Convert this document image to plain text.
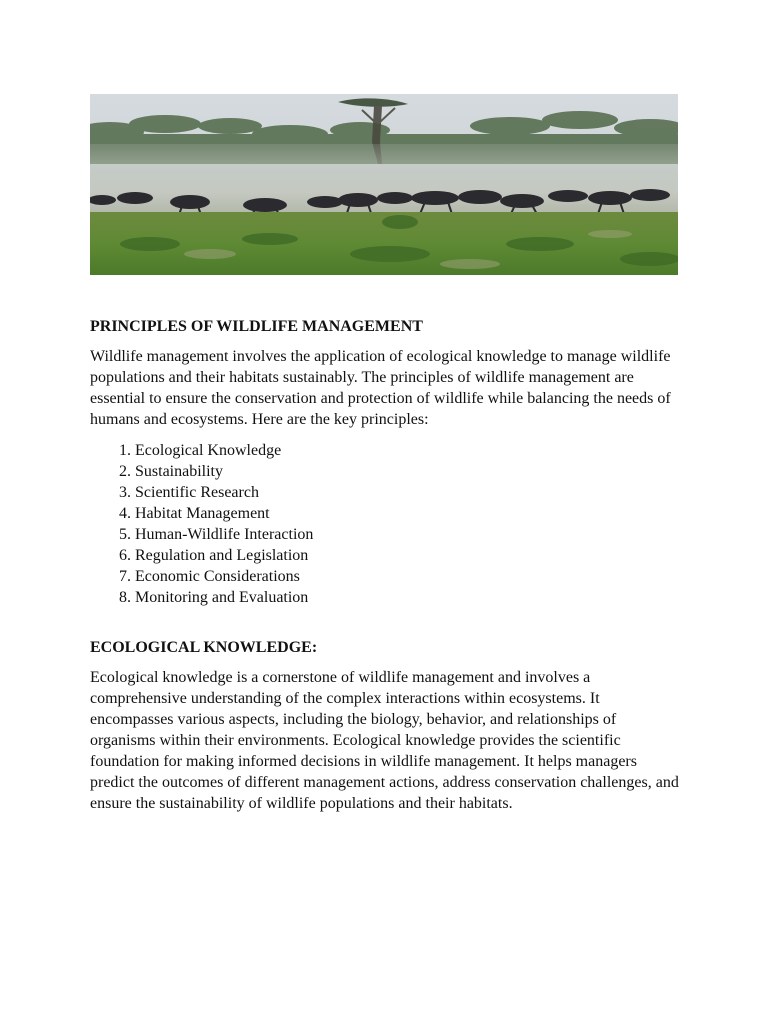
PRINCIPLES OF WILDLIFE MANAGEMENT

Wildlife management involves the application of ecological knowledge to manage wildlife populations and their habitats sustainably. The principles of wildlife management are essential to ensure the conservation and protection of wildlife while balancing the needs of humans and ecosystems. Here are the key principles:

1. Ecological Knowledge
2. Sustainability
3. Scientific Research
4. Habitat Management
5. Human-Wildlife Interaction
6. Regulation and Legislation
7. Economic Considerations
8. Monitoring and Evaluation
ECOLOGICAL KNOWLEDGE:

Ecological knowledge is a cornerstone of wildlife management and involves a comprehensive understanding of the complex interactions within ecosystems. It encompasses various aspects, including the biology, behavior, and relationships of organisms within their environments. Ecological knowledge provides the scientific foundation for making informed decisions in wildlife management. It helps managers predict the outcomes of different management actions, address conservation challenges, and ensure the sustainability of wildlife populations and their habitats.
